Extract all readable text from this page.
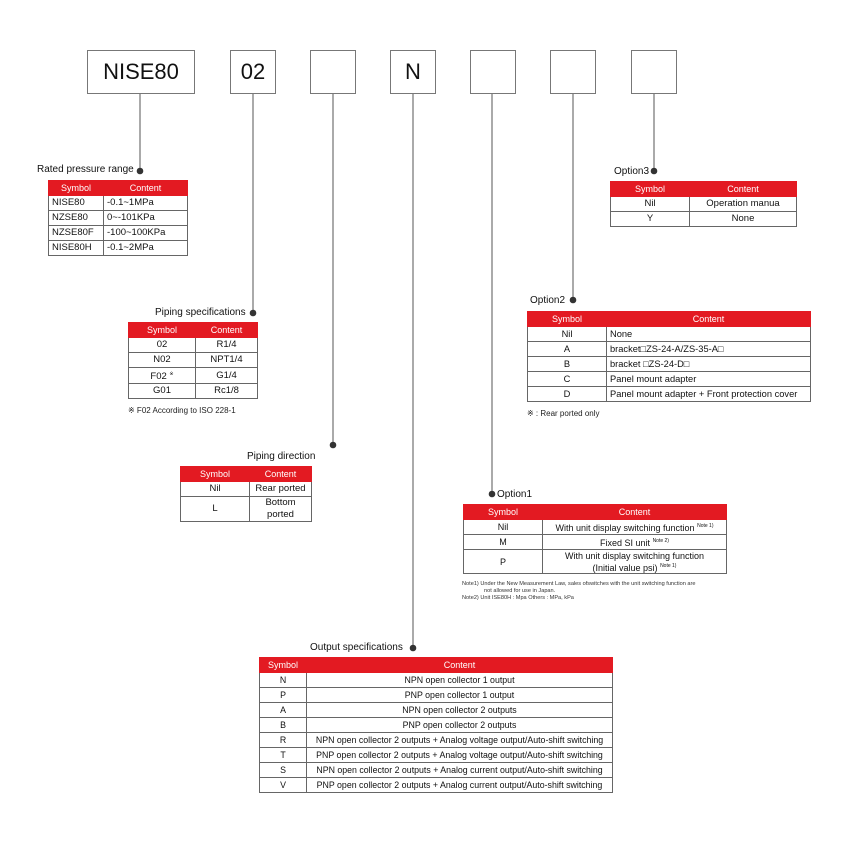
NISE80	02	N
Rated pressure range
Symbol	Content
NISE80	-0.1~1MPa
NZSE80	0~-101KPa
NZSE80F	-100~100KPa
NISE80H	-0.1~2MPa
Piping specifications
Symbol	Content
02	R1/4
N02	NPT1/4
F02 ※	G1/4
G01	Rc1/8
※ F02 According to ISO 228-1
Piping direction
Symbol	Content
Nil	Rear ported
L	Bottom ported
Output specifications
Symbol	Content
N	NPN open collector 1 output
P	PNP open collector 1 output
A	NPN open collector 2 outputs
B	PNP open collector 2 outputs
R	NPN open collector 2 outputs + Analog voltage output/Auto-shift switching
T	PNP open collector 2 outputs + Analog voltage output/Auto-shift switching
S	NPN open collector 2 outputs + Analog current output/Auto-shift switching
V	PNP open collector 2 outputs + Analog current output/Auto-shift switching
Option1
Symbol	Content
Nil	With unit display switching function $^{Note 1)}$
M	Fixed SI unit $^{Note 2)}$
P	With unit display switching function
(Initial value psi) $^{Note 1)}$
Note1) Under the New Measurement Law, sales ofswitches with the unit switching function are
not allowed for use in Japan.
Note2) Unit ISE80H : Mpa Others : MPa, kPa
Option2
Symbol	Content
Nil	None
A	bracket□ZS-24-A/ZS-35-A□
B	bracket □ZS-24-D□
C	Panel mount adapter
D	Panel mount adapter + Front protection cover
※ : Rear ported only
Option3
Symbol	Content
Nil	Operation manua
Y	None
